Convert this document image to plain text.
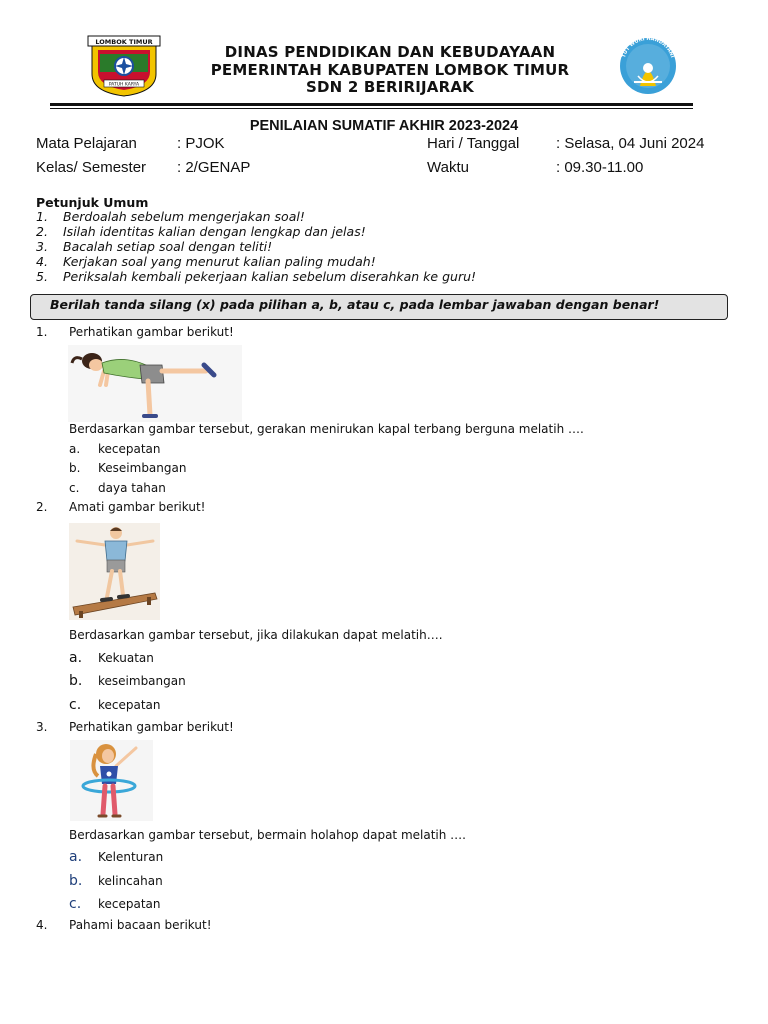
LOMBOK TIMUR
PATUH KARYA
DINAS PENDIDIKAN DAN KEBUDAYAAN
PEMERINTAH KABUPATEN LOMBOK TIMUR
SDN 2 BERIRIJARAK
TUT WURI HANDAYANI
PENILAIAN SUMATIF AKHIR 2023-2024
Mata Pelajaran	: PJOK	Hari / Tanggal : Selasa, 04 Juni 2024
Kelas/ Semester : 2/GENAP	Waktu	: 09.30-11.00
Petunjuk Umum
1. Berdoalah sebelum mengerjakan soal!
2. Isilah identitas kalian dengan lengkap dan jelas!
3. Bacalah setiap soal dengan teliti!
4. Kerjakan soal yang menurut kalian paling mudah!
5. Periksalah kembali pekerjaan kalian sebelum diserahkan ke guru!
Berilah tanda silang (x) pada pilihan a, b, atau c, pada lembar jawaban dengan benar!
1. Perhatikan gambar berikut!
Berdasarkan gambar tersebut, gerakan menirukan kapal terbang berguna melatih ….
a. kecepatan
b. Keseimbangan
c. daya tahan
2. Amati gambar berikut!
Berdasarkan gambar tersebut, jika dilakukan dapat melatih….
a. Kekuatan
b. keseimbangan
c. kecepatan
3. Perhatikan gambar berikut!
Berdasarkan gambar tersebut, bermain holahop dapat melatih ….
a. Kelenturan
b. kelincahan
c. kecepatan
4. Pahami bacaan berikut!
